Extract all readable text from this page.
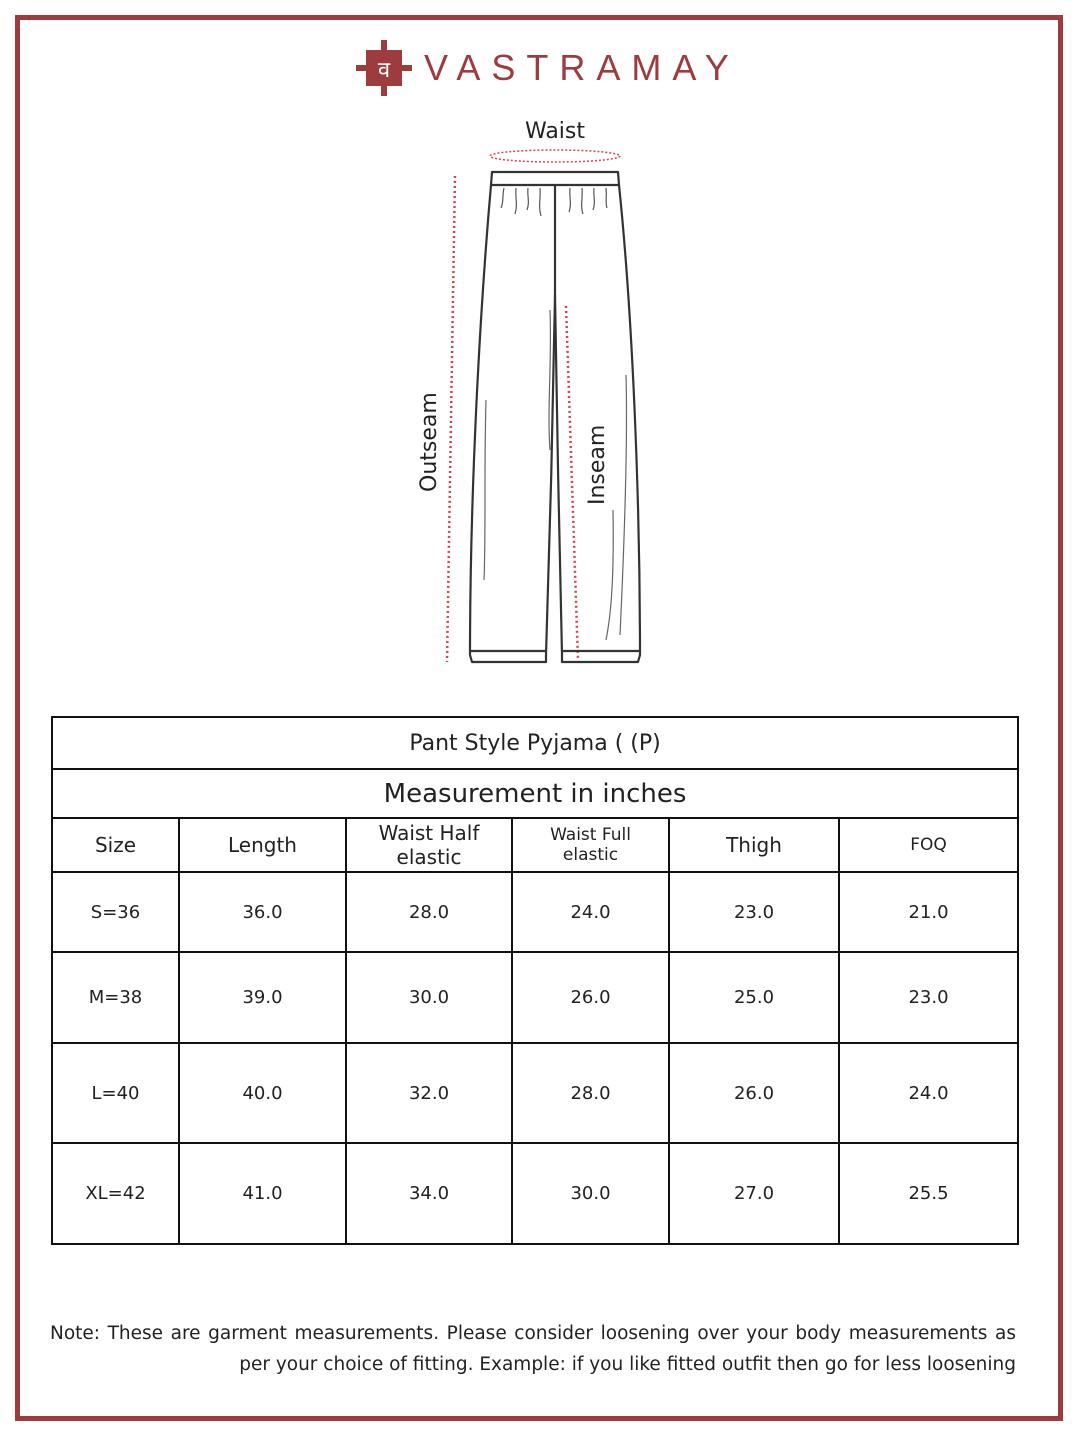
व VASTRAMAY
Waist
Outseam	Inseam
Pant Style Pyjama ( (P)					
Measurement in inches					
Size	Length	Waist Half elastic	Waist Full elastic	Thigh	FOQ
S=36	36.0	28.0	24.0	23.0	21.0
M=38	39.0	30.0	26.0	25.0	23.0
L=40	40.0	32.0	28.0	26.0	24.0
XL=42	41.0	34.0	30.0	27.0	25.5

Note: These are garment measurements. Please consider loosening over your body measurements as per your choice of fitting. Example: if you like fitted outfit then go for less loosening
